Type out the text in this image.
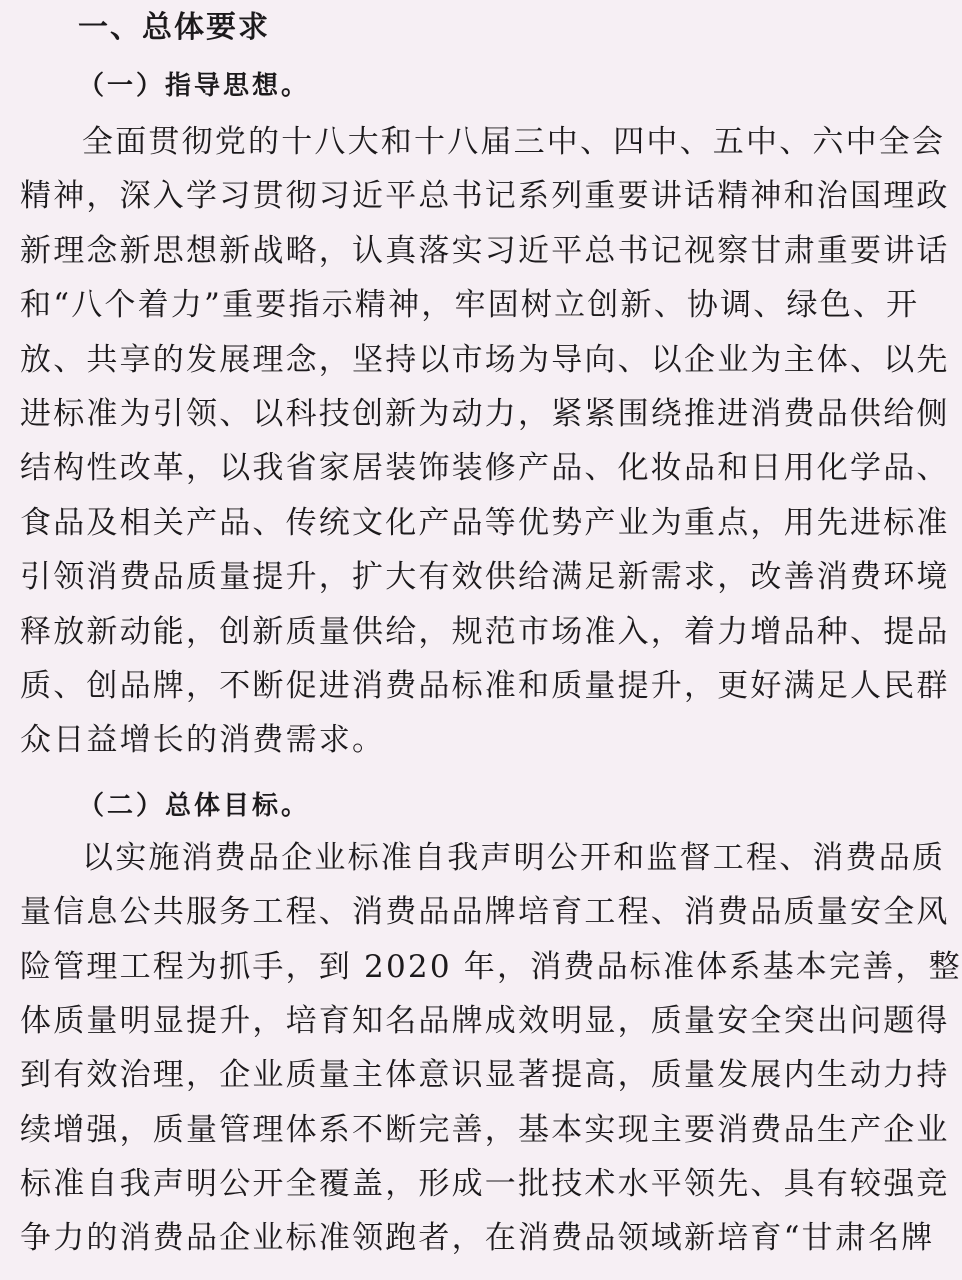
一、总体要求
（一）指导思想。
全面贯彻党的十八大和十八届三中、四中、五中、六中全会
精神，深入学习贯彻习近平总书记系列重要讲话精神和治国理政
新理念新思想新战略，认真落实习近平总书记视察甘肃重要讲话
和“八个着力”重要指示精神，牢固树立创新、协调、绿色、开
放、共享的发展理念，坚持以市场为导向、以企业为主体、以先
进标准为引领、以科技创新为动力，紧紧围绕推进消费品供给侧
结构性改革，以我省家居装饰装修产品、化妆品和日用化学品、
食品及相关产品、传统文化产品等优势产业为重点，用先进标准
引领消费品质量提升，扩大有效供给满足新需求，改善消费环境
释放新动能，创新质量供给，规范市场准入，着力增品种、提品
质、创品牌，不断促进消费品标准和质量提升，更好满足人民群
众日益增长的消费需求。
（二）总体目标。
以实施消费品企业标准自我声明公开和监督工程、消费品质
量信息公共服务工程、消费品品牌培育工程、消费品质量安全风
险管理工程为抓手，到 2020 年，消费品标准体系基本完善，整
体质量明显提升，培育知名品牌成效明显，质量安全突出问题得
到有效治理，企业质量主体意识显著提高，质量发展内生动力持
续增强，质量管理体系不断完善，基本实现主要消费品生产企业
标准自我声明公开全覆盖，形成一批技术水平领先、具有较强竞
争力的消费品企业标准领跑者，在消费品领域新培育“甘肃名牌
